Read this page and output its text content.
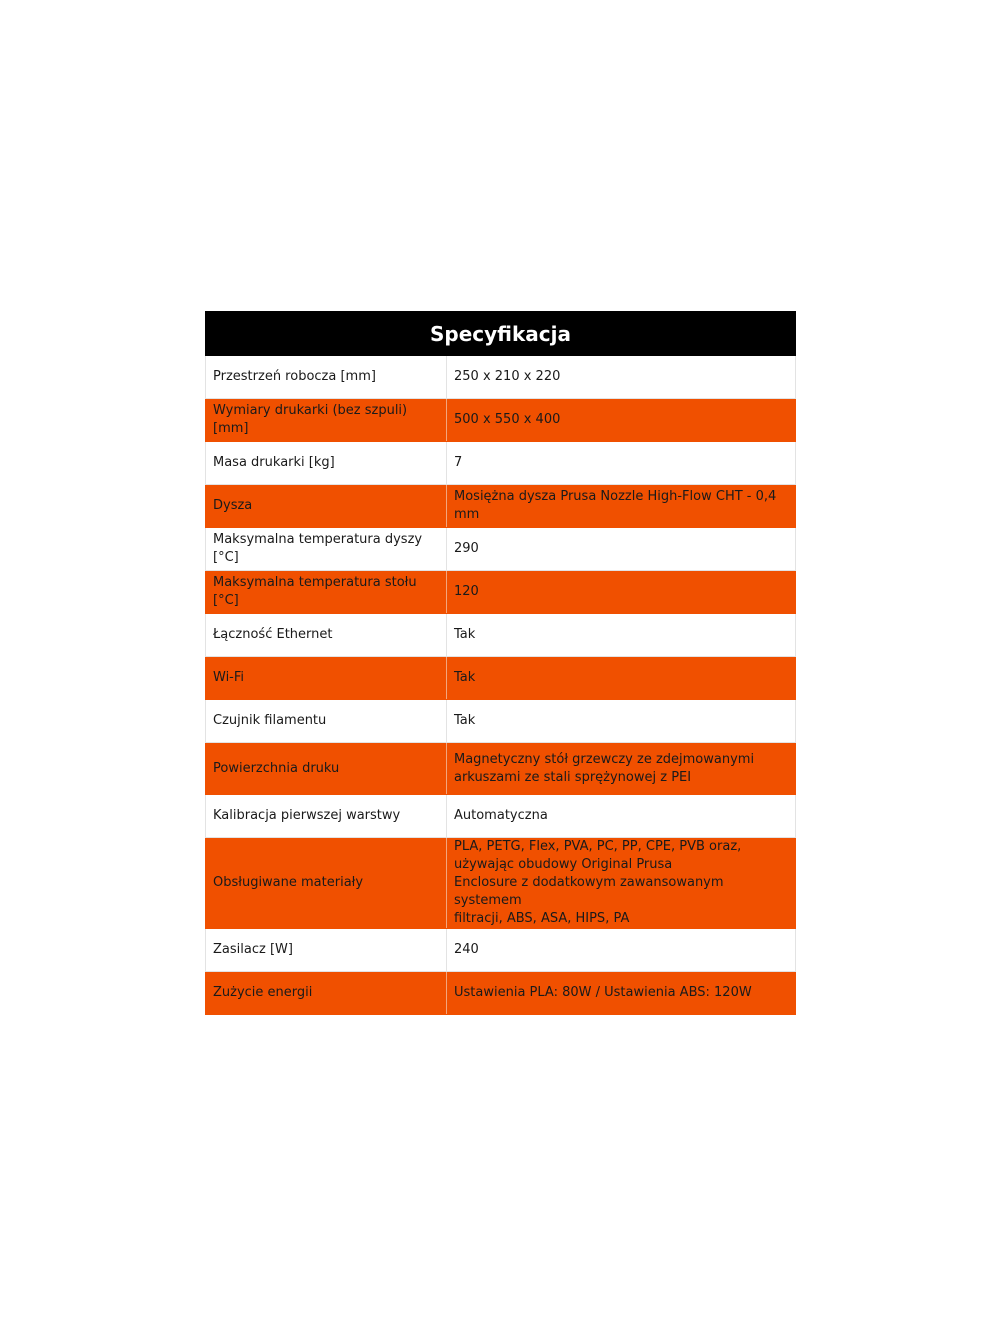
Specyfikacja	
Przestrzeń robocza [mm]	250 x 210 x 220

Wymiary drukarki (bez szpuli) [mm]	500 x 550 x 400

Masa drukarki [kg]	7

Dysza	Mosiężna dysza Prusa Nozzle High-Flow CHT - 0,4 mm

Maksymalna temperatura dyszy [°C]	290

Maksymalna temperatura stołu [°C]	120

Łączność Ethernet	Tak

Wi-Fi	Tak

Czujnik filamentu	Tak

Powierzchnia druku	Magnetyczny stół grzewczy ze zdejmowanymi
arkuszami ze stali sprężynowej z PEI

Kalibracja pierwszej warstwy	Automatyczna

Obsługiwane materiały	PLA, PETG, Flex, PVA, PC, PP, CPE, PVB oraz,
używając obudowy Original Prusa
Enclosure z dodatkowym zawansowanym systemem
filtracji, ABS, ASA, HIPS, PA

Zasilacz [W]	240

Zużycie energii	Ustawienia PLA: 80W / Ustawienia ABS: 120W
